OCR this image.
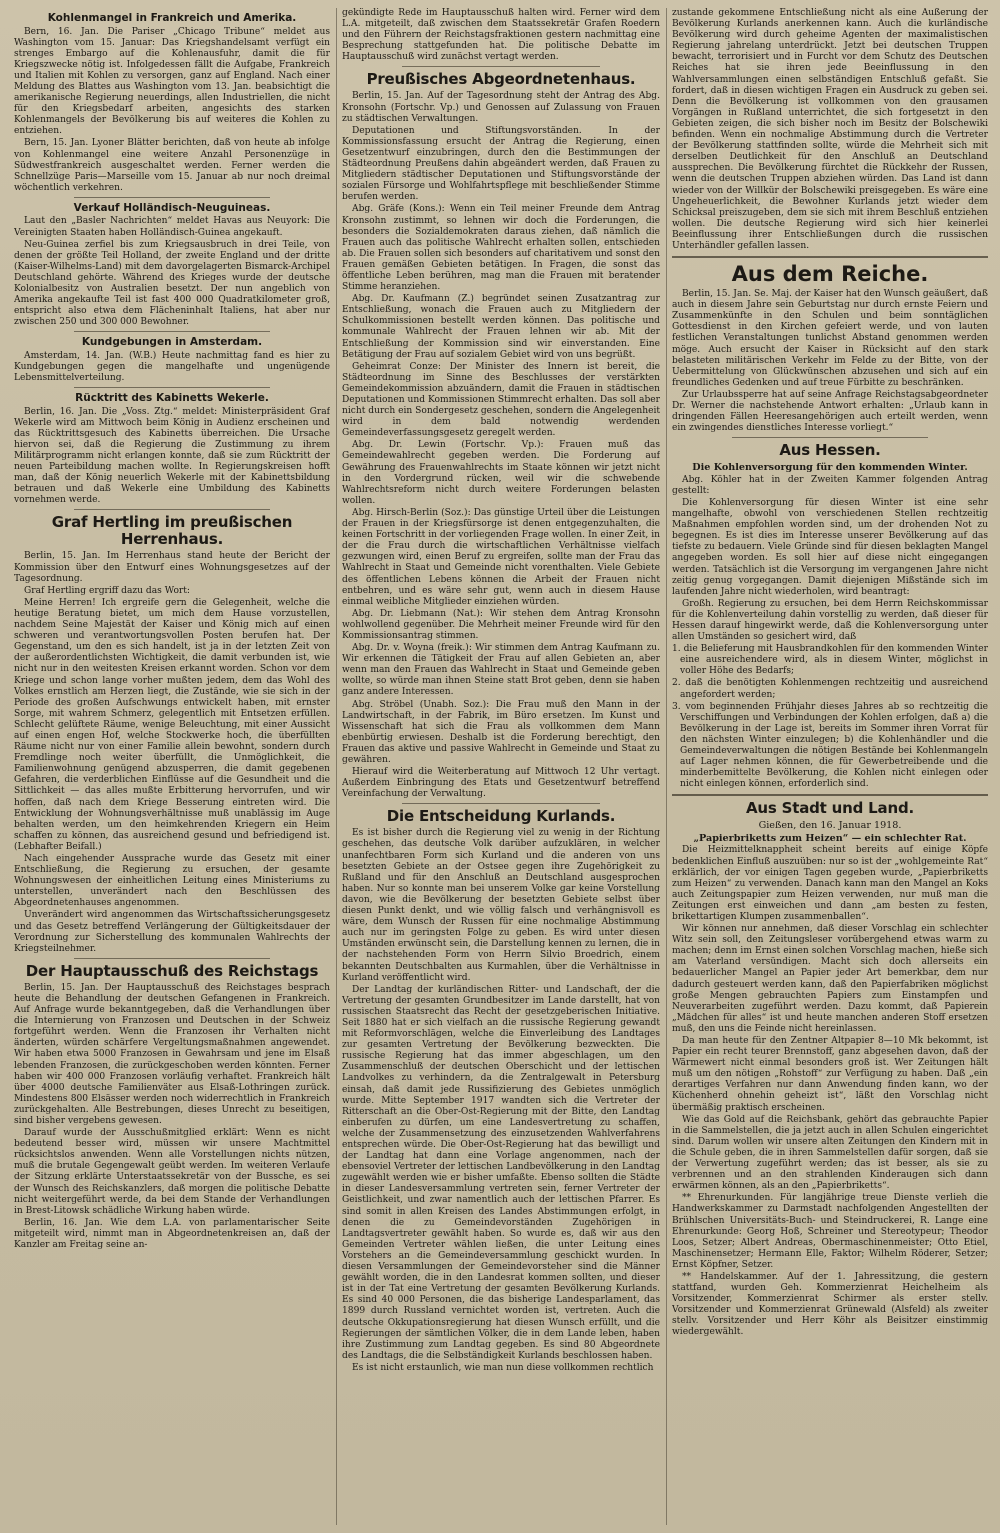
Kohlenmangel in Frankreich und Amerika.

Bern, 16. Jan. Die Pariser „Chicago Tribune“ meldet aus Washington vom 15. Januar: Das Kriegshandelsamt verfügt ein strenges Embargo auf die Kohlenausfuhr, damit die für Kriegszwecke nötig ist. Infolgedessen fällt die Aufgabe, Frankreich und Italien mit Kohlen zu versorgen, ganz auf England. Nach einer Meldung des Blattes aus Washington vom 13. Jan. beabsichtigt die amerikanische Regierung neuerdings, allen Industriellen, die nicht für den Kriegsbedarf arbeiten, angesichts des starken Kohlenmangels der Bevölkerung bis auf weiteres die Kohlen zu entziehen.

Bern, 15. Jan. Lyoner Blätter berichten, daß von heute ab infolge von Kohlenmangel eine weitere Anzahl Personenzüge in Südwestfrankreich ausgeschaltet werden. Ferner werden die Schnellzüge Paris—Marseille vom 15. Januar ab nur noch dreimal wöchentlich verkehren.

Verkauf Holländisch-Neuguineas.

Laut den „Basler Nachrichten“ meldet Havas aus Neuyork: Die Vereinigten Staaten haben Holländisch-Guinea angekauft.

Neu-Guinea zerfiel bis zum Kriegsausbruch in drei Teile, von denen der größte Teil Holland, der zweite England und der dritte (Kaiser-Wilhelms-Land) mit dem davorgelagerten Bismarck-Archipel Deutschland gehörte. Während des Krieges wurde der deutsche Kolonialbesitz von Australien besetzt. Der nun angeblich von Amerika angekaufte Teil ist fast 400 000 Quadratkilometer groß, entspricht also etwa dem Flächeninhalt Italiens, hat aber nur zwischen 250 und 300 000 Bewohner.

Kundgebungen in Amsterdam.

Amsterdam, 14. Jan. (W.B.) Heute nachmittag fand es hier zu Kundgebungen gegen die mangelhafte und ungenügende Lebensmittelverteilung.

Rücktritt des Kabinetts Wekerle.

Berlin, 16. Jan. Die „Voss. Ztg.“ meldet: Ministerpräsident Graf Wekerle wird am Mittwoch beim König in Audienz erscheinen und das Rücktrittsgesuch des Kabinetts überreichen. Die Ursache hiervon sei, daß die Regierung die Zustimmung zu ihrem Militärprogramm nicht erlangen konnte, daß sie zum Rücktritt der neuen Parteibildung machen wollte. In Regierungskreisen hofft man, daß der König neuerlich Wekerle mit der Kabinettsbildung betrauen und daß Wekerle eine Umbildung des Kabinetts vornehmen werde.

Graf Hertling im preußischen Herrenhaus.

Berlin, 15. Jan. Im Herrenhaus stand heute der Bericht der Kommission über den Entwurf eines Wohnungsgesetzes auf der Tagesordnung.

Graf Hertling ergriff dazu das Wort:

Meine Herren! Ich ergreife gern die Gelegenheit, welche die heutige Beratung bietet, um mich dem Hause vorzustellen, nachdem Seine Majestät der Kaiser und König mich auf einen schweren und verantwortungsvollen Posten berufen hat. Der Gegenstand, um den es sich handelt, ist ja in der letzten Zeit von der außerordentlichsten Wichtigkeit, die damit verbunden ist, wie nicht nur in den weitesten Kreisen erkannt worden. Schon vor dem Kriege und schon lange vorher mußten jedem, dem das Wohl des Volkes ernstlich am Herzen liegt, die Zustände, wie sie sich in der Periode des großen Aufschwungs entwickelt haben, mit ernster Sorge, mit wahrem Schmerz, gelegentlich mit Entsetzen erfüllen. Schlecht gelüftete Räume, wenige Beleuchtung, mit einer Aussicht auf einen engen Hof, welche Stockwerke hoch, die überfüllten Räume nicht nur von einer Familie allein bewohnt, sondern durch Fremdlinge noch weiter überfüllt, die Unmöglichkeit, die Familienwohnung genügend abzusperren, die damit gegebenen Gefahren, die verderblichen Einflüsse auf die Gesundheit und die Sittlichkeit — das alles mußte Erbitterung hervorrufen, und wir hoffen, daß nach dem Kriege Besserung eintreten wird. Die Entwicklung der Wohnungsverhältnisse muß unablässig im Auge behalten werden, um den heimkehrenden Kriegern ein Heim schaffen zu können, das ausreichend gesund und befriedigend ist. (Lebhafter Beifall.)

Nach eingehender Aussprache wurde das Gesetz mit einer Entschließung, die Regierung zu ersuchen, der gesamte Wohnungswesen der einheitlichen Leitung eines Ministeriums zu unterstellen, unverändert nach den Beschlüssen des Abgeordnetenhauses angenommen.

Unverändert wird angenommen das Wirtschaftssicherungsgesetz und das Gesetz betreffend Verlängerung der Gültigkeitsdauer der Verordnung zur Sicherstellung des kommunalen Wahlrechts der Kriegsteilnehmer.

Der Hauptausschuß des Reichstags

Berlin, 15. Jan. Der Hauptausschuß des Reichstages besprach heute die Behandlung der deutschen Gefangenen in Frankreich. Auf Anfrage wurde bekanntgegeben, daß die Verhandlungen über die Internierung von Franzosen und Deutschen in der Schweiz fortgeführt werden. Wenn die Franzosen ihr Verhalten nicht änderten, würden schärfere Vergeltungsmaßnahmen angewendet. Wir haben etwa 5000 Franzosen in Gewahrsam und jene im Elsaß lebenden Franzosen, die zurückgeschoben werden könnten. Ferner haben wir 400 000 Franzosen vorläufig verhaftet. Frankreich hält über 4000 deutsche Familienväter aus Elsaß-Lothringen zurück. Mindestens 800 Elsässer werden noch widerrechtlich in Frankreich zurückgehalten. Alle Bestrebungen, dieses Unrecht zu beseitigen, sind bisher vergebens gewesen.

Darauf wurde der Ausschußmitglied erklärt: Wenn es nicht bedeutend besser wird, müssen wir unsere Machtmittel rücksichtslos anwenden. Wenn alle Vorstellungen nichts nützen, muß die brutale Gegengewalt geübt werden. Im weiteren Verlaufe der Sitzung erklärte Unterstaatssekretär von der Bussche, es sei der Wunsch des Reichskanzlers, daß morgen die politische Debatte nicht weitergeführt werde, da bei dem Stande der Verhandlungen in Brest-Litowsk schädliche Wirkung haben würde.

Berlin, 16. Jan. Wie dem L.A. von parlamentarischer Seite mitgeteilt wird, nimmt man in Abgeordnetenkreisen an, daß der Kanzler am Freitag seine an-

gekündigte Rede im Hauptausschuß halten wird. Ferner wird dem L.A. mitgeteilt, daß zwischen dem Staatssekretär Grafen Roedern und den Führern der Reichstagsfraktionen gestern nachmittag eine Besprechung stattgefunden hat. Die politische Debatte im Hauptausschuß wird zunächst vertagt werden.

Preußisches Abgeordnetenhaus.

Berlin, 15. Jan. Auf der Tagesordnung steht der Antrag des Abg. Kronsohn (Fortschr. Vp.) und Genossen auf Zulassung von Frauen zu städtischen Verwaltungen.

Deputationen und Stiftungsvorständen. In der Kommissionsfassung ersucht der Antrag die Regierung, einen Gesetzentwurf einzubringen, durch den die Bestimmungen der Städteordnung Preußens dahin abgeändert werden, daß Frauen zu Mitgliedern städtischer Deputationen und Stiftungsvorstände der sozialen Fürsorge und Wohlfahrtspflege mit beschließender Stimme berufen werden.

Abg. Gräfe (Kons.): Wenn ein Teil meiner Freunde dem Antrag Kronsohn zustimmt, so lehnen wir doch die Forderungen, die besonders die Sozialdemokraten daraus ziehen, daß nämlich die Frauen auch das politische Wahlrecht erhalten sollen, entschieden ab. Die Frauen sollen sich besonders auf charitativem und sonst den Frauen gemäßen Gebieten betätigen. In Fragen, die sonst das öffentliche Leben berühren, mag man die Frauen mit beratender Stimme heranziehen.

Abg. Dr. Kaufmann (Z.) begründet seinen Zusatzantrag zur Entschließung, wonach die Frauen auch zu Mitgliedern der Schulkommissionen bestellt werden können. Das politische und kommunale Wahlrecht der Frauen lehnen wir ab. Mit der Entschließung der Kommission sind wir einverstanden. Eine Betätigung der Frau auf sozialem Gebiet wird von uns begrüßt.

Geheimrat Conze: Der Minister des Innern ist bereit, die Städteordnung im Sinne des Beschlusses der verstärkten Gemeindekommission abzuändern, damit die Frauen in städtischen Deputationen und Kommissionen Stimmrecht erhalten. Das soll aber nicht durch ein Sondergesetz geschehen, sondern die Angelegenheit wird in dem bald notwendig werdenden Gemeindeverfassungsgesetz geregelt werden.

Abg. Dr. Lewin (Fortschr. Vp.): Frauen muß das Gemeindewahlrecht gegeben werden. Die Forderung auf Gewährung des Frauenwahlrechts im Staate können wir jetzt nicht in den Vordergrund rücken, weil wir die schwebende Wahlrechtsreform nicht durch weitere Forderungen belasten wollen.

Abg. Hirsch-Berlin (Soz.): Das günstige Urteil über die Leistungen der Frauen in der Kriegsfürsorge ist denen entgegenzuhalten, die keinen Fortschritt in der vorliegenden Frage wollen. In einer Zeit, in der die Frau durch die wirtschaftlichen Verhältnisse vielfach gezwungen wird, einen Beruf zu ergreifen, sollte man der Frau das Wahlrecht in Staat und Gemeinde nicht vorenthalten. Viele Gebiete des öffentlichen Lebens können die Arbeit der Frauen nicht entbehren, und es wäre sehr gut, wenn auch in diesem Hause einmal weibliche Mitglieder einziehen würden.

Abg. Dr. Liebmann (Nat.): Wir stehen dem Antrag Kronsohn wohlwollend gegenüber. Die Mehrheit meiner Freunde wird für den Kommissionsantrag stimmen.

Abg. Dr. v. Woyna (freik.): Wir stimmen dem Antrag Kaufmann zu. Wir erkennen die Tätigkeit der Frau auf allen Gebieten an, aber wenn man den Frauen das Wahlrecht in Staat und Gemeinde geben wollte, so würde man ihnen Steine statt Brot geben, denn sie haben ganz andere Interessen.

Abg. Ströbel (Unabh. Soz.): Die Frau muß den Mann in der Landwirtschaft, in der Fabrik, im Büro ersetzen. Im Kunst und Wissenschaft hat sich die Frau als vollkommen dem Mann ebenbürtig erwiesen. Deshalb ist die Forderung berechtigt, den Frauen das aktive und passive Wahlrecht in Gemeinde und Staat zu gewähren.

Hierauf wird die Weiterberatung auf Mittwoch 12 Uhr vertagt. Außerdem Einbringung des Etats und Gesetzentwurf betreffend Vereinfachung der Verwaltung.

Die Entscheidung Kurlands.

Es ist bisher durch die Regierung viel zu wenig in der Richtung geschehen, das deutsche Volk darüber aufzuklären, in welcher unanfechtbaren Form sich Kurland und die anderen von uns besetzten Gebiete an der Ostsee gegen ihre Zugehörigkeit zu Rußland und für den Anschluß an Deutschland ausgesprochen haben. Nur so konnte man bei unserem Volke gar keine Vorstellung davon, wie die Bevölkerung der besetzten Gebiete selbst über diesen Punkt denkt, und wie völlig falsch und verhängnisvoll es wäre, dem Wunsch der Russen für eine nochmalige Abstimmung auch nur im geringsten Folge zu geben. Es wird unter diesen Umständen erwünscht sein, die Darstellung kennen zu lernen, die in der nachstehenden Form von Herrn Silvio Broedrich, einem bekannten Deutschbalten aus Kurmahlen, über die Verhältnisse in Kurland veröffentlicht wird.

Der Landtag der kurländischen Ritter- und Landschaft, der die Vertretung der gesamten Grundbesitzer im Lande darstellt, hat von russischen Staatsrecht das Recht der gesetzgeberischen Initiative. Seit 1880 hat er sich vielfach an die russische Regierung gewandt mit Reformvorschlägen, welche die Einverleibung des Landtages zur gesamten Vertretung der Bevölkerung bezweckten. Die russische Regierung hat das immer abgeschlagen, um den Zusammenschluß der deutschen Oberschicht und der lettischen Landvolkes zu verhindern, da die Zentralgewalt in Petersburg einsah, daß damit jede Russifizierung des Gebietes unmöglich wurde. Mitte September 1917 wandten sich die Vertreter der Ritterschaft an die Ober-Ost-Regierung mit der Bitte, den Landtag einberufen zu dürfen, um eine Landesvertretung zu schaffen, welche der Zusammensetzung des einzusetzenden Wahlverfahrens entsprechen würde. Die Ober-Ost-Regierung hat das bewilligt und der Landtag hat dann eine Vorlage angenommen, nach der ebensoviel Vertreter der lettischen Landbevölkerung in den Landtag zugewählt werden wie er bisher umfaßte. Ebenso sollten die Städte in dieser Landesversammlung vertreten sein, ferner Vertreter der Geistlichkeit, und zwar namentlich auch der lettischen Pfarrer. Es sind somit in allen Kreisen des Landes Abstimmungen erfolgt, in denen die zu Gemeindevorständen Zugehörigen in Landtagsvertreter gewählt haben. So wurde es, daß wir aus den Gemeinden Vertreter wählen ließen, die unter Leitung eines Vorstehers an die Gemeindeversammlung geschickt wurden. In diesen Versammlungen der Gemeindevorsteher sind die Männer gewählt worden, die in den Landesrat kommen sollten, und dieser ist in der Tat eine Vertretung der gesamten Bevölkerung Kurlands. Es sind 40 000 Personen, die das bisherige Landesparlament, das 1899 durch Russland vernichtet worden ist, vertreten. Auch die deutsche Okkupationsregierung hat diesen Wunsch erfüllt, und die Regierungen der sämtlichen Völker, die in dem Lande leben, haben ihre Zustimmung zum Landtag gegeben. Es sind 80 Abgeordnete des Landtags, die die Selbständigkeit Kurlands beschlossen haben.

Es ist nicht erstaunlich, wie man nun diese vollkommen rechtlich

zustande gekommene Entschließung nicht als eine Äußerung der Bevölkerung Kurlands anerkennen kann. Auch die kurländische Bevölkerung wird durch geheime Agenten der maximalistischen Regierung jahrelang unterdrückt. Jetzt bei deutschen Truppen bewacht, terrorisiert und in Furcht vor dem Schutz des Deutschen Reiches hat sie ihren jede Beeinflussung in den Wahlversammlungen einen selbständigen Entschluß gefaßt. Sie fordert, daß in diesen wichtigen Fragen ein Ausdruck zu geben sei. Denn die Bevölkerung ist vollkommen von den grausamen Vorgängen in Rußland unterrichtet, die sich fortgesetzt in den Gebieten zeigen, die sich bisher noch im Besitz der Bolschewiki befinden. Wenn ein nochmalige Abstimmung durch die Vertreter der Bevölkerung stattfinden sollte, würde die Mehrheit sich mit derselben Deutlichkeit für den Anschluß an Deutschland aussprechen. Die Bevölkerung fürchtet die Rückkehr der Russen, wenn die deutschen Truppen abziehen würden. Das Land ist dann wieder von der Willkür der Bolschewiki preisgegeben. Es wäre eine Ungeheuerlichkeit, die Bewohner Kurlands jetzt wieder dem Schicksal preiszugeben, dem sie sich mit ihrem Beschluß entziehen wollen. Die deutsche Regierung wird sich hier keinerlei Beeinflussung ihrer Entschließungen durch die russischen Unterhändler gefallen lassen.

Aus dem Reiche.

Berlin, 15. Jan. Se. Maj. der Kaiser hat den Wunsch geäußert, daß auch in diesem Jahre sein Geburtstag nur durch ernste Feiern und Zusammenkünfte in den Schulen und beim sonntäglichen Gottesdienst in den Kirchen gefeiert werde, und von lauten festlichen Veranstaltungen tunlichst Abstand genommen werden möge. Auch ersucht der Kaiser in Rücksicht auf den stark belasteten militärischen Verkehr im Felde zu der Bitte, von der Uebermittelung von Glückwünschen abzusehen und sich auf ein freundliches Gedenken und auf treue Fürbitte zu beschränken.

Zur Urlaubssperre hat auf seine Anfrage Reichstagsabgeordneter Dr. Werner die nachstehende Antwort erhalten: „Urlaub kann in dringenden Fällen Heeresangehörigen auch erteilt werden, wenn ein zwingendes dienstliches Interesse vorliegt.“

Aus Hessen.

Die Kohlenversorgung für den kommenden Winter.

Abg. Köhler hat in der Zweiten Kammer folgenden Antrag gestellt:

Die Kohlenversorgung für diesen Winter ist eine sehr mangelhafte, obwohl von verschiedenen Stellen rechtzeitig Maßnahmen empfohlen worden sind, um der drohenden Not zu begegnen. Es ist dies im Interesse unserer Bevölkerung auf das tiefste zu bedauern. Viele Gründe sind für diesen beklagten Mangel angegeben worden. Es soll hier auf diese nicht eingegangen werden. Tatsächlich ist die Versorgung im vergangenen Jahre nicht zeitig genug vorgegangen. Damit diejenigen Mißstände sich im laufenden Jahre nicht wiederholen, wird beantragt:

Großh. Regierung zu ersuchen, bei dem Herrn Reichskommissar für die Kohlenverteilung dahin vorstellig zu werden, daß dieser für Hessen darauf hingewirkt werde, daß die Kohlenversorgung unter allen Umständen so gesichert wird, daß

1. die Belieferung mit Hausbrandkohlen für den kommenden Winter eine ausreichendere wird, als in diesem Winter, möglichst in voller Höhe des Bedarfs;

2. daß die benötigten Kohlenmengen rechtzeitig und ausreichend angefordert werden;

3. vom beginnenden Frühjahr dieses Jahres ab so rechtzeitig die Verschiffungen und Verbindungen der Kohlen erfolgen, daß a) die Bevölkerung in der Lage ist, bereits im Sommer ihren Vorrat für den nächsten Winter einzulegen; b) die Kohlenhändler und die Gemeindeverwaltungen die nötigen Bestände bei Kohlenmangeln auf Lager nehmen können, die für Gewerbetreibende und die minderbemittelte Bevölkerung, die Kohlen nicht einlegen oder nicht einlegen können, erforderlich sind.

Aus Stadt und Land.

Gießen, den 16. Januar 1918.

„Papierbriketts zum Heizen“ — ein schlechter Rat.

Die Heizmittelknappheit scheint bereits auf einige Köpfe bedenklichen Einfluß auszuüben: nur so ist der „wohlgemeinte Rat“ erklärlich, der vor einigen Tagen gegeben wurde, „Papierbriketts zum Heizen“ zu verwenden. Danach kann man den Mangel an Koks auch Zeitungspapier zum Heizen verwenden, nur muß man die Zeitungen erst einweichen und dann „am besten zu festen, brikettartigen Klumpen zusammenballen“.

Wir können nur annehmen, daß dieser Vorschlag ein schlechter Witz sein soll, den Zeitungsleser vorübergehend etwas warm zu machen; denn im Ernst einen solchen Vorschlag machen, hieße sich am Vaterland versündigen. Macht sich doch allerseits ein bedauerlicher Mangel an Papier jeder Art bemerkbar, dem nur dadurch gesteuert werden kann, daß den Papierfabriken möglichst große Mengen gebrauchten Papiers zum Einstampfen und Neuverarbeiten zugeführt werden. Dazu kommt, daß Papierein „Mädchen für alles“ ist und heute manchen anderen Stoff ersetzen muß, den uns die Feinde nicht hereinlassen.

Da man heute für den Zentner Altpapier 8—10 Mk bekommt, ist Papier ein recht teurer Brennstoff, ganz abgesehen davon, daß der Wärmewert nicht einmal besonders groß ist. Wer Zeitungen hält muß um den nötigen „Rohstoff“ zur Verfügung zu haben. Daß „ein derartiges Verfahren nur dann Anwendung finden kann, wo der Küchenherd ohnehin geheizt ist“, läßt den Vorschlag nicht übermäßig praktisch erscheinen.

Wie das Gold auf die Reichsbank, gehört das gebrauchte Papier in die Sammelstellen, die ja jetzt auch in allen Schulen eingerichtet sind. Darum wollen wir unsere alten Zeitungen den Kindern mit in die Schule geben, die in ihren Sammelstellen dafür sorgen, daß sie der Verwertung zugeführt werden; das ist besser, als sie zu verbrennen und an den strahlenden Kinderaugen sich dann erwärmen können, als an den „Papierbriketts“.

** Ehrenurkunden. Für langjährige treue Dienste verlieh die Handwerkskammer zu Darmstadt nachfolgenden Angestellten der Brühlschen Universitäts-Buch- und Steindruckerei, R. Lange eine Ehrenurkunde: Georg Hoß, Schreiner und Stereotypeur; Theodor Loos, Setzer; Albert Andreas, Obermaschinenmeister; Otto Etiel, Maschinensetzer; Hermann Elle, Faktor; Wilhelm Röderer, Setzer; Ernst Köpfner, Setzer.

** Handelskammer. Auf der 1. Jahressitzung, die gestern stattfand, wurden Geh. Kommerzienrat Heichelheim als Vorsitzender, Kommerzienrat Schirmer als erster stellv. Vorsitzender und Kommerzienrat Grünewald (Alsfeld) als zweiter stellv. Vorsitzender und Herr Köhr als Beisitzer einstimmig wiedergewählt.
